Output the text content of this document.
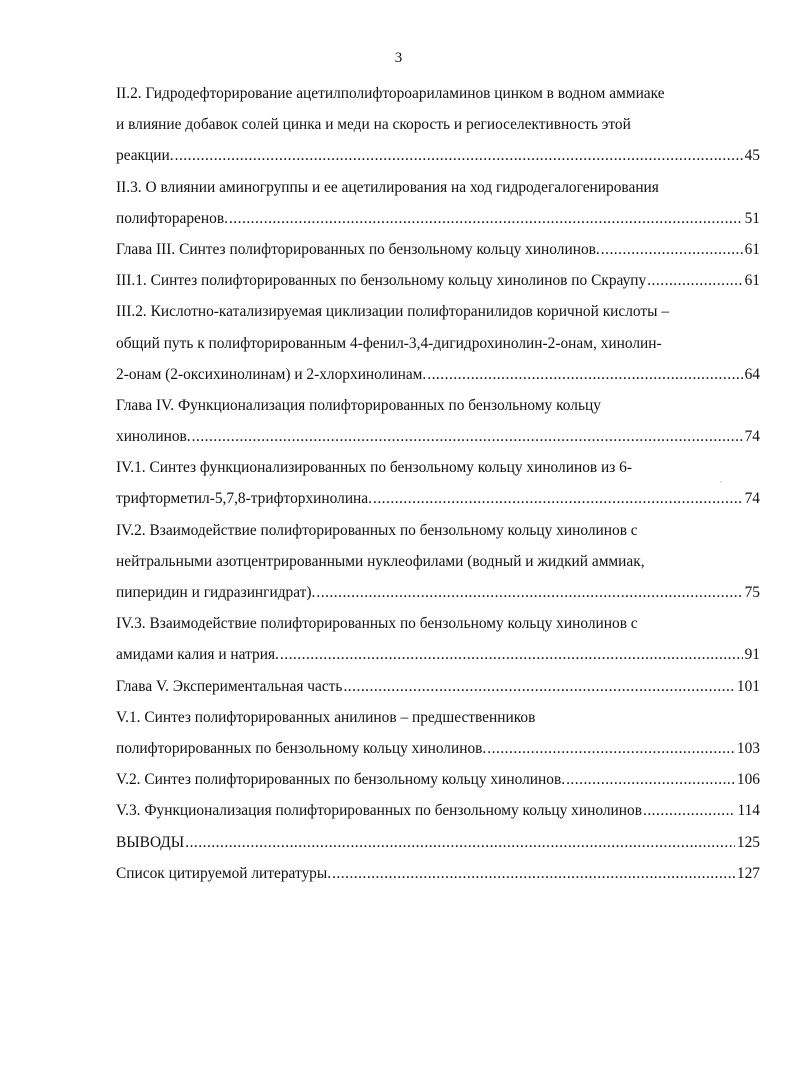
3
II.2. Гидродефторирование ацетилполифтороариламинов цинком в водном аммиаке
и влияние добавок солей цинка и меди на скорость и региоселективность этой
реакции. .....	45
II.3. О влиянии аминогруппы и ее ацетилирования на ход гидродегалогенирования
полифтораренов. .....	51
Глава III. Синтез полифторированных по бензольному кольцу хинолинов. .....	61
III.1. Синтез полифторированных по бензольному кольцу хинолинов по Скраупу .....	61
III.2. Кислотно-катализируемая циклизации полифторанилидов коричной кислоты –
общий путь к полифторированным 4-фенил-3,4-дигидрохинолин-2-онам, хинолин-
2-онам (2-оксихинолинам) и 2-хлорхинолинам. .....	64
Глава IV. Функционализация полифторированных по бензольному кольцу
хинолинов. .....	74
IV.1. Синтез функционализированных по бензольному кольцу хинолинов из 6-
трифторметил-5,7,8-трифторхинолина. .....	74
IV.2. Взаимодействие полифторированных по бензольному кольцу хинолинов с
нейтральными азотцентрированными нуклеофилами (водный и жидкий аммиак,
пиперидин и гидразингидрат). .....	75
IV.3. Взаимодействие полифторированных по бензольному кольцу хинолинов с
амидами калия и натрия. .....	91
Глава V. Экспериментальная часть .....	101
V.1. Синтез полифторированных анилинов – предшественников
полифторированных по бензольному кольцу хинолинов. .....	103
V.2. Синтез полифторированных по бензольному кольцу хинолинов. .....	106
V.3. Функционализация полифторированных по бензольному кольцу хинолинов .....	114
ВЫВОДЫ .....	125
Список цитируемой литературы. .....	127
,
